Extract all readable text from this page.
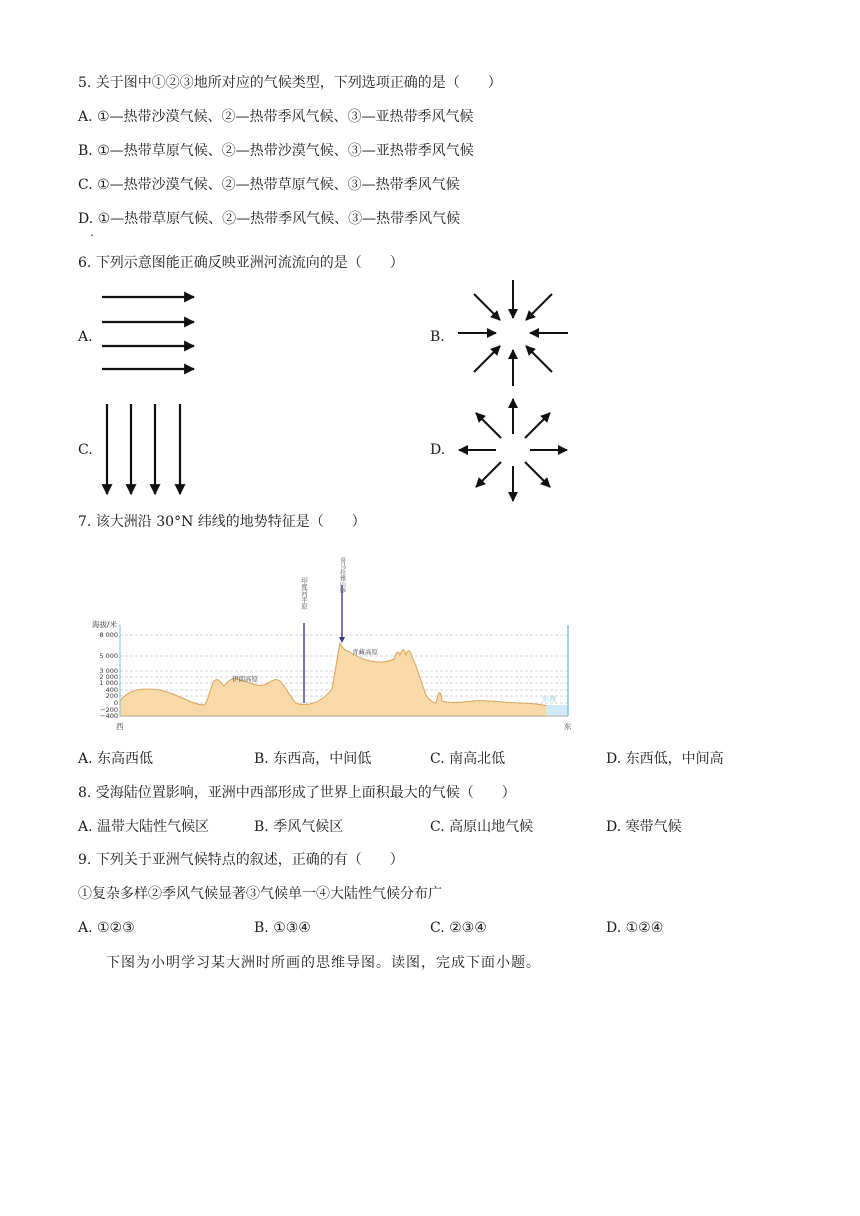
5. 关于图中①②③地所对应的气候类型，下列选项正确的是（　　）
A. ①—热带沙漠气候、②—热带季风气候、③—亚热带季风气候
B. ①—热带草原气候、②—热带沙漠气候、③—亚热带季风气候
C. ①—热带沙漠气候、②—热带草原气候、③—热带季风气候
D. ①—热带草原气候、②—热带季风气候、③—热带季风气候
.
6. 下列示意图能正确反映亚洲河流流向的是（　　）
A.	B.
C.	D.
7. 该大洲沿 30°N 纬线的地势特征是（　　）
海拔/米
8 000
5 000
3 000
2 000
1 000
400
200
0
−200
−400
西	东
印度河平原	喜马拉雅山脉
伊朗高原
青藏高原
东海
A. 东高西低	B. 东西高，中间低	C. 南高北低	D. 东西低，中间高
8. 受海陆位置影响，亚洲中西部形成了世界上面积最大的气候（　　）
A. 温带大陆性气候区	B. 季风气候区	C. 高原山地气候	D. 寒带气候
9. 下列关于亚洲气候特点的叙述，正确的有（　　）
①复杂多样②季风气候显著③气候单一④大陆性气候分布广
A. ①②③	B. ①③④	C. ②③④	D. ①②④
下图为小明学习某大洲时所画的思维导图。读图，完成下面小题。
